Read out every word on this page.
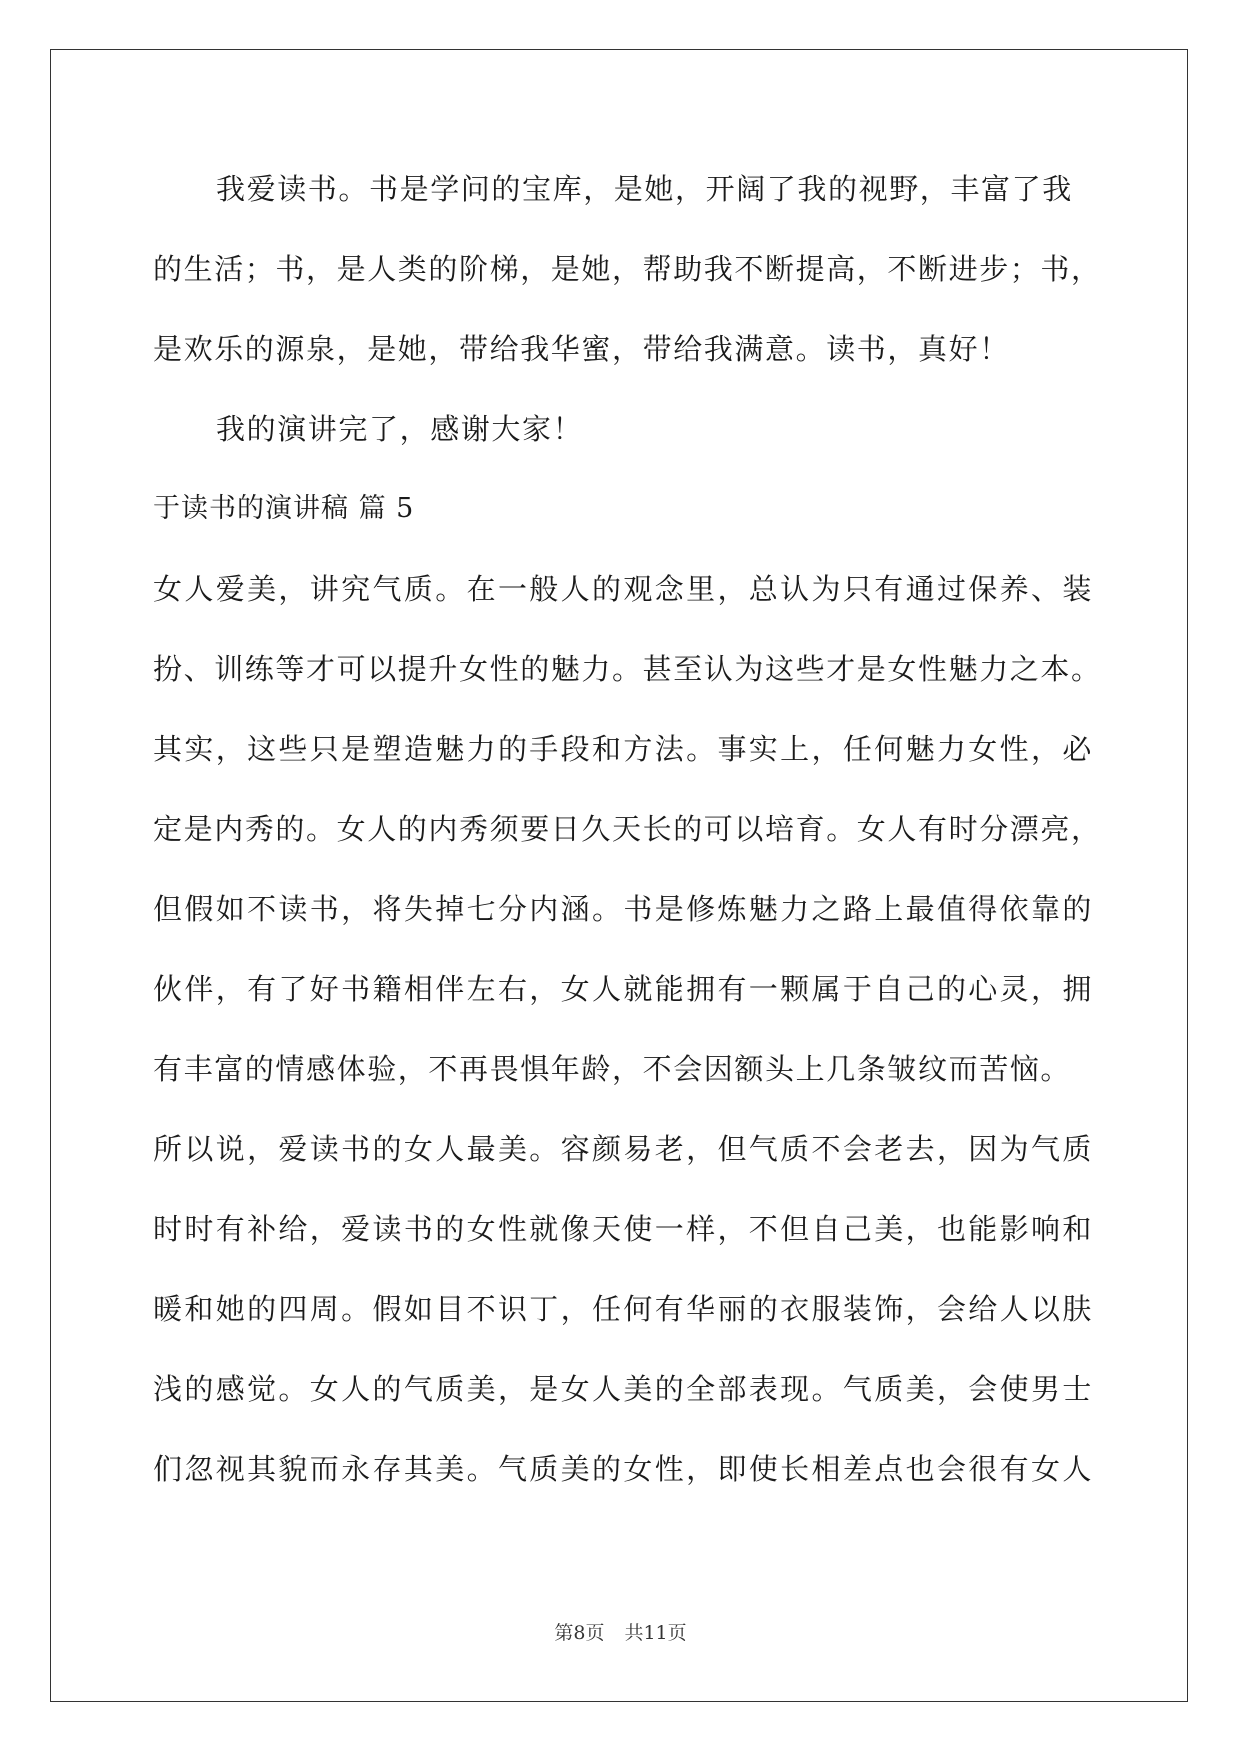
我爱读书。书是学问的宝库，是她，开阔了我的视野，丰富了我
的生活；书，是人类的阶梯，是她，帮助我不断提高，不断进步；书，
是欢乐的源泉，是她，带给我华蜜，带给我满意。读书，真好！
我的演讲完了，感谢大家！
于读书的演讲稿 篇 5
女人爱美，讲究气质。在一般人的观念里，总认为只有通过保养、装
扮、训练等才可以提升女性的魅力。甚至认为这些才是女性魅力之本。
其实，这些只是塑造魅力的手段和方法。事实上，任何魅力女性，必
定是内秀的。女人的内秀须要日久天长的可以培育。女人有时分漂亮，
但假如不读书，将失掉七分内涵。书是修炼魅力之路上最值得依靠的
伙伴，有了好书籍相伴左右，女人就能拥有一颗属于自己的心灵，拥
有丰富的情感体验，不再畏惧年龄，不会因额头上几条皱纹而苦恼。
所以说，爱读书的女人最美。容颜易老，但气质不会老去，因为气质
时时有补给，爱读书的女性就像天使一样，不但自己美，也能影响和
暖和她的四周。假如目不识丁，任何有华丽的衣服装饰，会给人以肤
浅的感觉。女人的气质美，是女人美的全部表现。气质美，会使男士
们忽视其貌而永存其美。气质美的女性，即使长相差点也会很有女人
第8页 共11页
